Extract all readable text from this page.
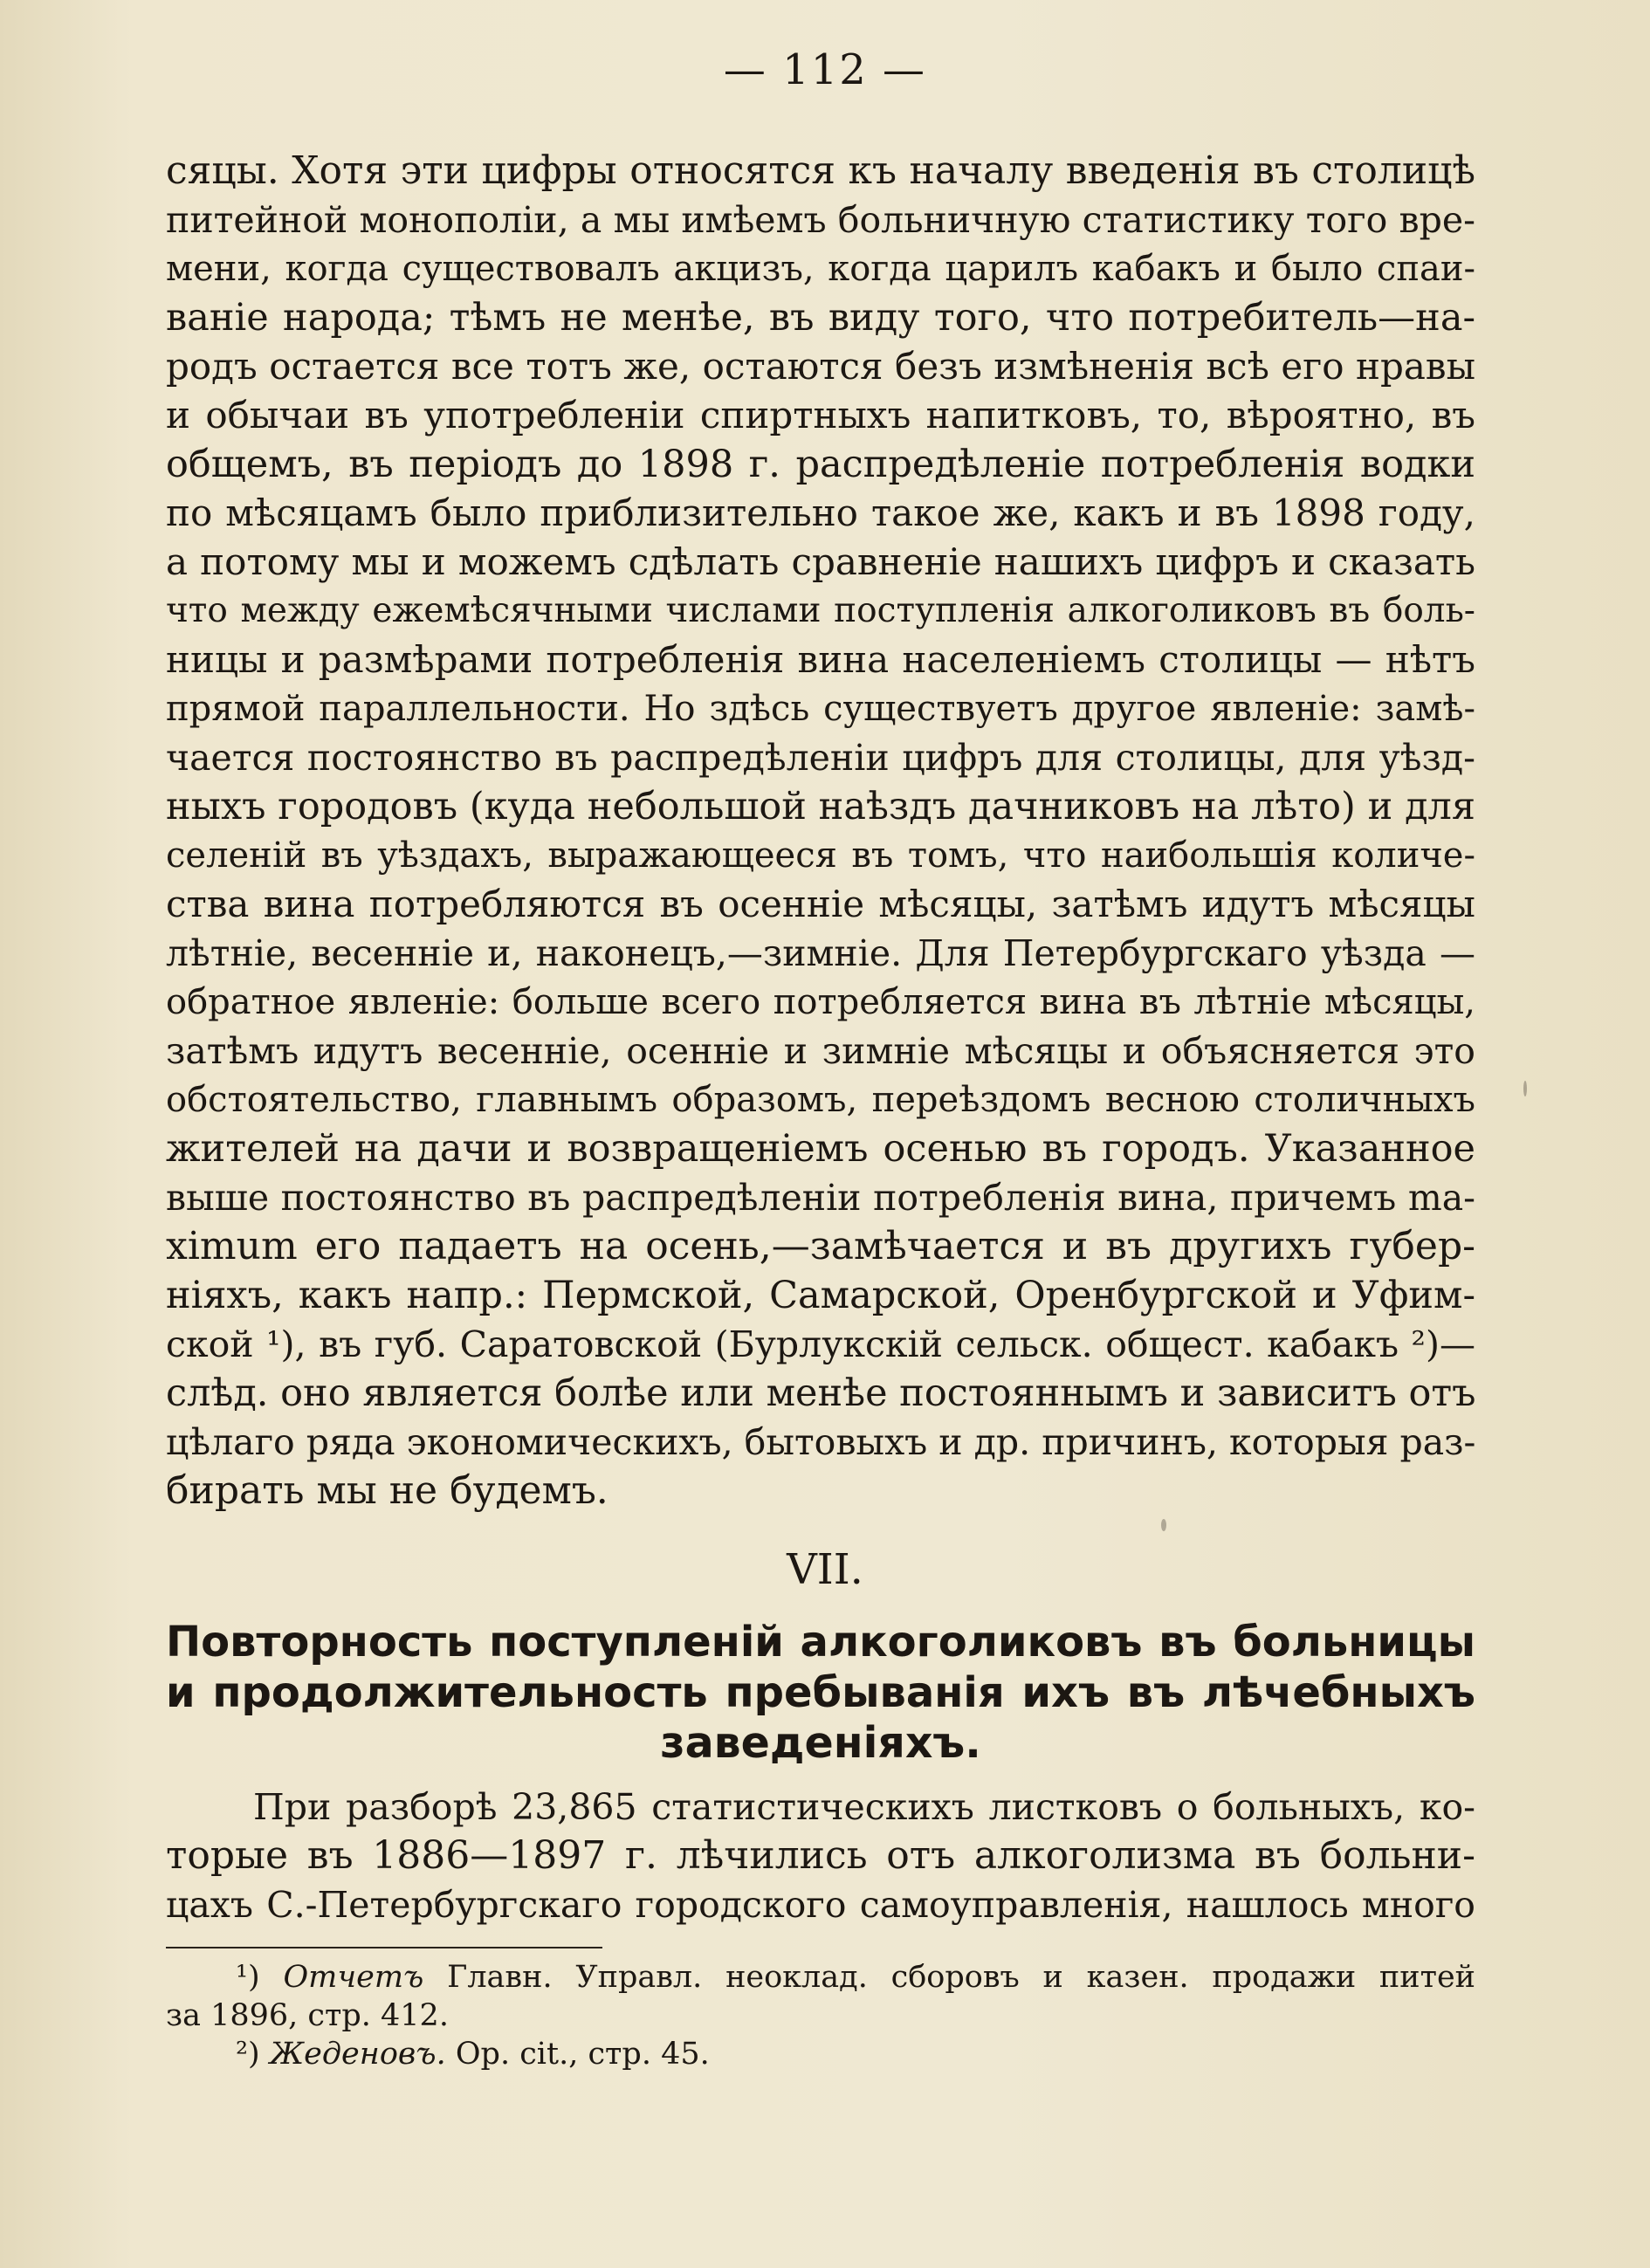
— 112 —
сяцы. Хотя эти цифры относятся къ началу введенія въ столицѣ
питейной монополіи, а мы имѣемъ больничную статистику того вре-
мени, когда существовалъ акцизъ, когда царилъ кабакъ и было спаи-
ваніе народа; тѣмъ не менѣе, въ виду того, что потребитель—на-
родъ остается все тотъ же, остаются безъ измѣненія всѣ его нравы
и обычаи въ употребленіи спиртныхъ напитковъ, то, вѣроятно, въ
общемъ, въ періодъ до 1898 г. распредѣленіе потребленія водки
по мѣсяцамъ было приблизительно такое же, какъ и въ 1898 году,
а потому мы и можемъ сдѣлать сравненіе нашихъ цифръ и сказать
что между ежемѣсячными числами поступленія алкоголиковъ въ боль-
ницы и размѣрами потребленія вина населеніемъ столицы — нѣтъ
прямой параллельности. Но здѣсь существуетъ другое явленіе: замѣ-
чается постоянство въ распредѣленіи цифръ для столицы, для уѣзд-
ныхъ городовъ (куда небольшой наѣздъ дачниковъ на лѣто) и для
селеній въ уѣздахъ, выражающееся въ томъ, что наибольшія количе-
ства вина потребляются въ осенніе мѣсяцы, затѣмъ идутъ мѣсяцы
лѣтніе, весенніе и, наконецъ,—зимніе. Для Петербургскаго уѣзда —
обратное явленіе: больше всего потребляется вина въ лѣтніе мѣсяцы,
затѣмъ идутъ весенніе, осенніе и зимніе мѣсяцы и объясняется это
обстоятельство, главнымъ образомъ, переѣздомъ весною столичныхъ
жителей на дачи и возвращеніемъ осенью въ городъ. Указанное
выше постоянство въ распредѣленіи потребленія вина, причемъ ma-
ximum его падаетъ на осень,—замѣчается и въ другихъ губер-
ніяхъ, какъ напр.: Пермской, Самарской, Оренбургской и Уфим-
ской ¹), въ губ. Саратовской (Бурлукскій сельск. общест. кабакъ ²)—
слѣд. оно является болѣе или менѣе постояннымъ и зависитъ отъ
цѣлаго ряда экономическихъ, бытовыхъ и др. причинъ, которыя раз-
бирать мы не будемъ.
VII.
Повторность поступленій алкоголиковъ въ больницы
и продолжительность пребыванія ихъ въ лѣчебныхъ
заведеніяхъ.
При разборѣ 23,865 статистическихъ листковъ о больныхъ, ко-
торые въ 1886—1897 г. лѣчились отъ алкоголизма въ больни-
цахъ С.-Петербургскаго городского самоуправленія, нашлось много
¹) Отчетъ Главн. Управл. неоклад. сборовъ и казен. продажи питей
за 1896, стр. 412.
²) Жеденовъ. Op. cit., стр. 45.
